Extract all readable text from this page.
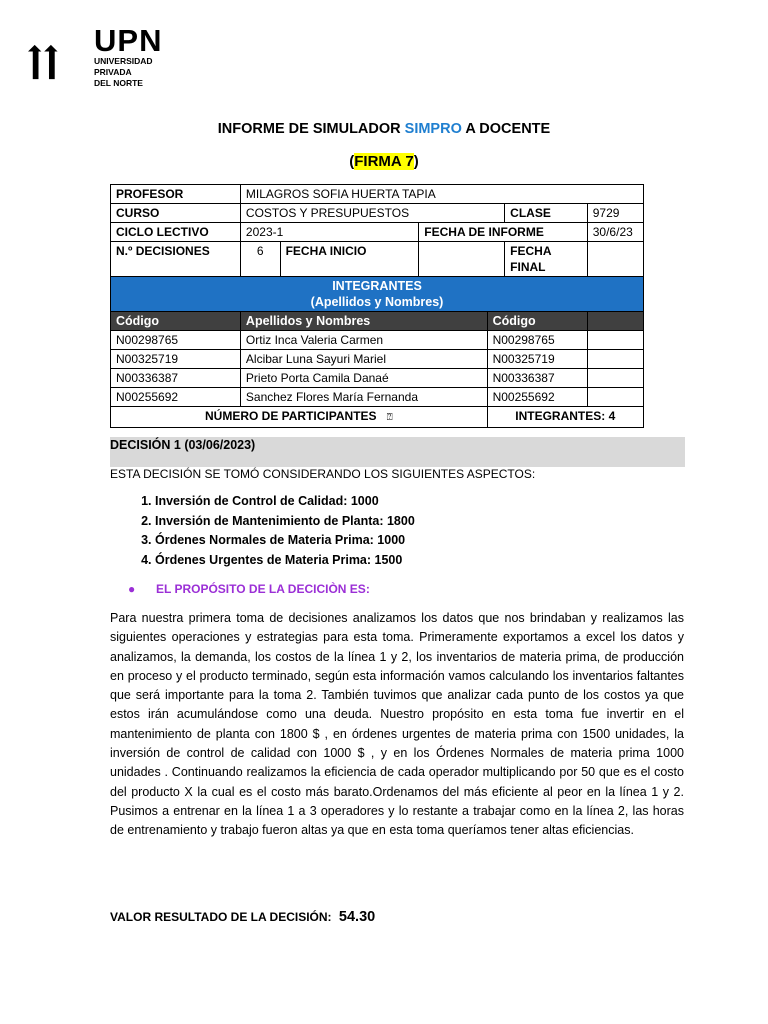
UPN
UNIVERSIDAD
PRIVADA
DEL NORTE
INFORME DE SIMULADOR SIMPRO A DOCENTE
(FIRMA 7)
PROFESOR	MILAGROS SOFIA HUERTA TAPIA					
CURSO	COSTOS Y PRESUPUESTOS				CLASE	9729
CICLO LECTIVO	2023-1		FECHA DE INFORME			30/6/23
N.º DECISIONES	6	FECHA INICIO			FECHA
FINAL	
INTEGRANTES
(Apellidos y Nombres)						
Código	Apellidos y Nombres			Código		
N00298765	Ortiz Inca Valeria Carmen			N00298765		
N00325719	Alcibar Luna Sayuri Mariel			N00325719		
N00336387	Prieto Porta Camila Danaé			N00336387		
N00255692	Sanchez Flores María Fernanda			N00255692		
NÚMERO DE PARTICIPANTES ⍰				INTEGRANTES: 4		
DECISIÓN 1 (03/06/2023)
ESTA DECISIÓN SE TOMÓ CONSIDERANDO LOS SIGUIENTES ASPECTOS:
1. Inversión de Control de Calidad: 1000
2. Inversión de Mantenimiento de Planta: 1800
3. Órdenes Normales de Materia Prima: 1000
4. Órdenes Urgentes de Materia Prima: 1500
● EL PROPÓSITO DE LA DECICIÒN ES:
Para nuestra primera toma de decisiones analizamos los datos que nos brindaban y realizamos las siguientes operaciones y estrategias para esta toma. Primeramente exportamos a excel los datos y analizamos, la demanda, los costos de la línea 1 y 2, los inventarios de materia prima, de producción en proceso y el producto terminado, según esta información vamos calculando los inventarios faltantes que será importante para la toma 2. También tuvimos que analizar cada punto de los costos ya que estos irán acumulándose como una deuda. Nuestro propósito en esta toma fue invertir en el mantenimiento de planta con 1800 $ , en órdenes urgentes de materia prima con 1500 unidades, la inversión de control de calidad con 1000 $ , y en los Órdenes Normales de materia prima 1000 unidades . Continuando realizamos la eficiencia de cada operador multiplicando por 50 que es el costo del producto X la cual es el costo más barato.Ordenamos del más eficiente al peor en la línea 1 y 2. Pusimos a entrenar en la línea 1 a 3 operadores y lo restante a trabajar como en la línea 2, las horas de entrenamiento y trabajo fueron altas ya que en esta toma queríamos tener altas eficiencias.
VALOR RESULTADO DE LA DECISIÓN: 54.30
